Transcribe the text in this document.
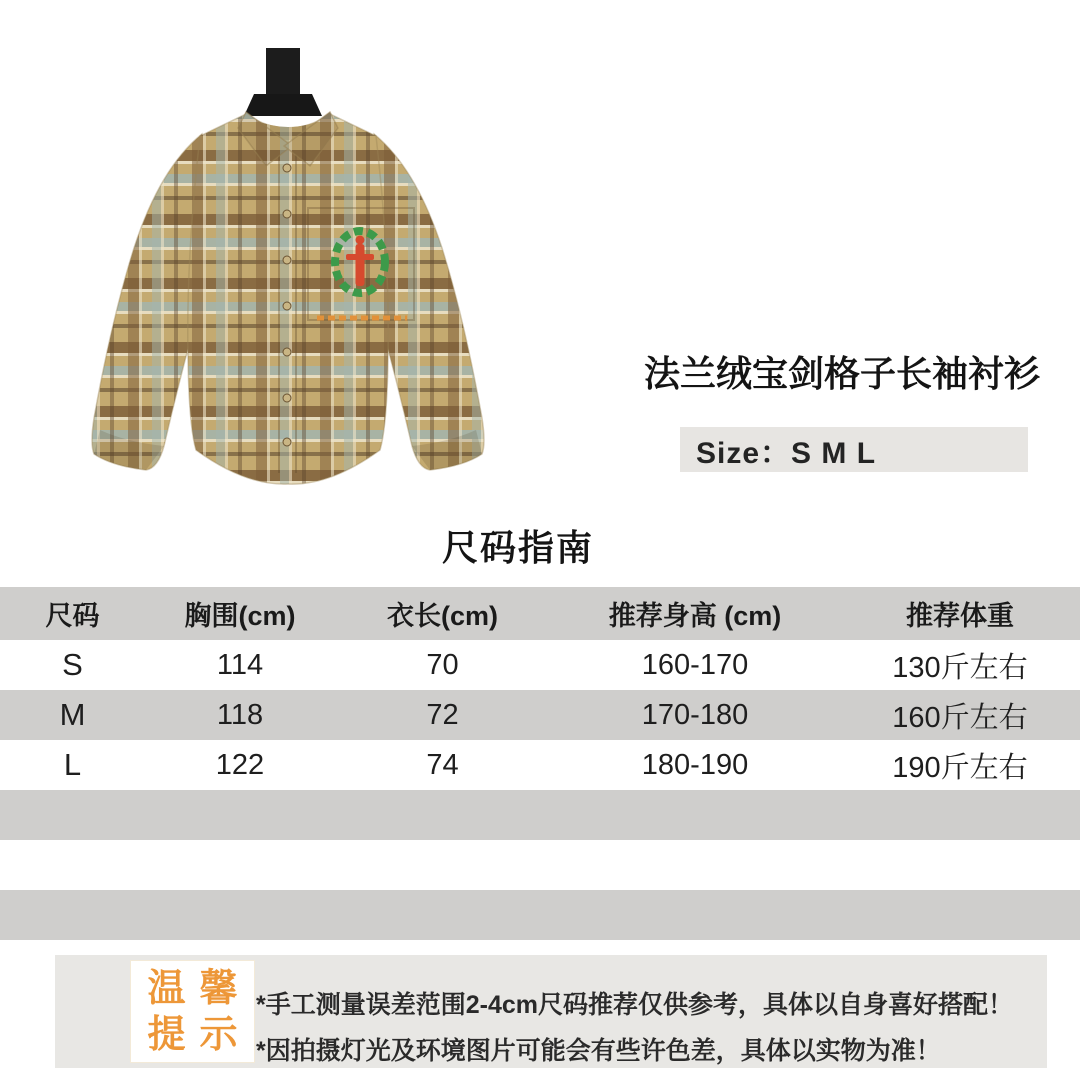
法兰绒宝剑格子长袖衬衫
Size：S M L
尺码指南
尺码	胸围(cm)	衣长(cm)	推荐身高 (cm)	推荐体重
S	114	70	160-170	130斤左右
M	118	72	170-180	160斤左右
L	122	74	180-190	190斤左右
温馨
提示
*手工测量误差范围2-4cm尺码推荐仅供参考，具体以自身喜好搭配！
*因拍摄灯光及环境图片可能会有些许色差，具体以实物为准！
